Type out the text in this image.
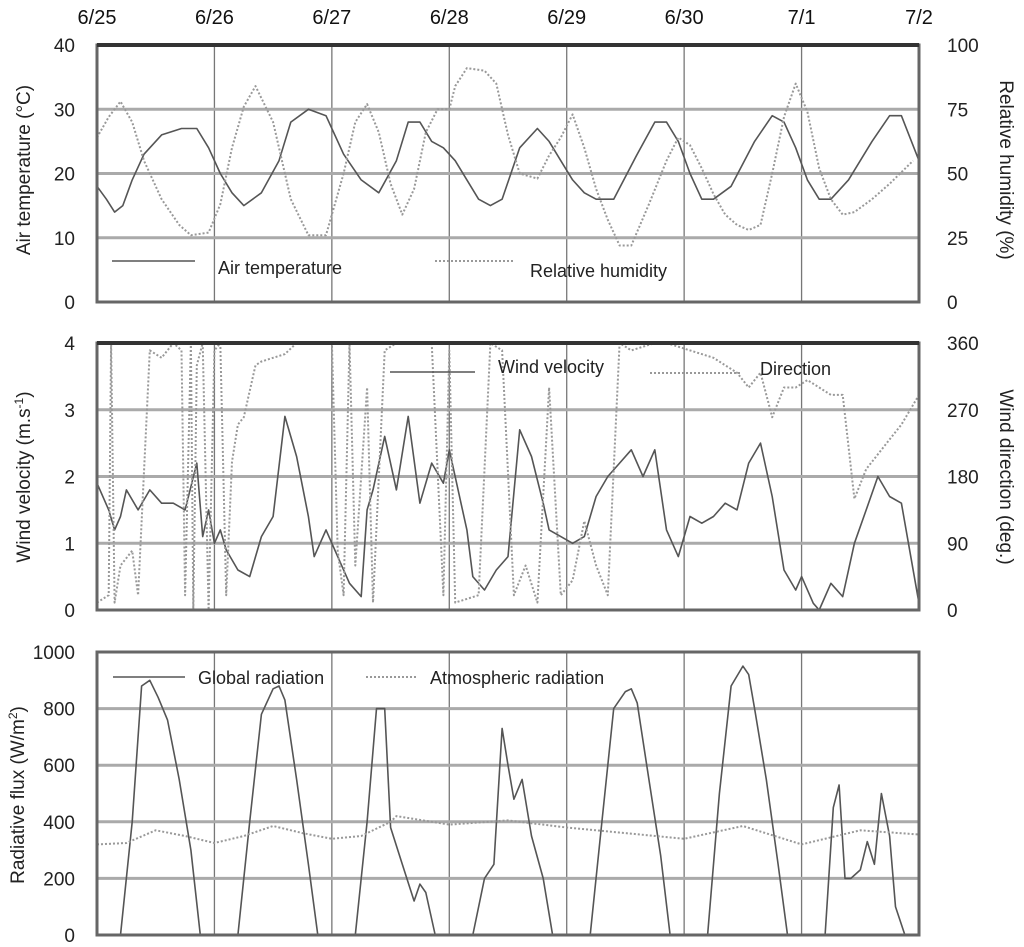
6/25	6/26	6/27	6/28	6/29	6/30	7/1	7/2
0
10
20
30
40
0
25
50
75
100
Air temperature (°C)	Relative humidity (%)
Air temperature	Relative humidity
0
1
2
3
4
0
90
180
270
360
Wind velocity $(m.s^{-1})$	Wind direction (deg.)
Wind velocity	Direction
0
200
400
600
800
1000
Radiative flux $(W/m^2)$
Global radiation	Atmospheric radiation
